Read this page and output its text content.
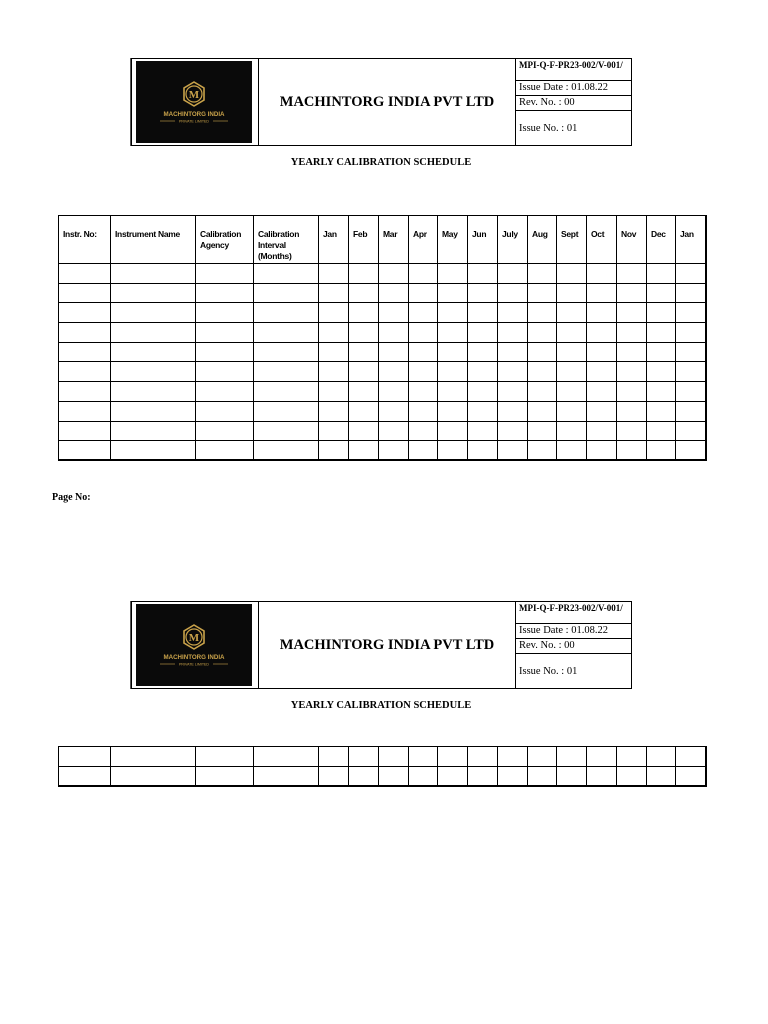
M
MACHINTORG INDIA
PRIVATE LIMITED
MACHINTORG INDIA PVT LTD
MPI-Q-F-PR23-002/V-001/
Issue Date : 01.08.22
Rev. No. : 00
Issue No. : 01
YEARLY CALIBRATION SCHEDULE
Instr. No:	Instrument Name	Calibration Agency	Calibration Interval (Months)	Jan	Feb	Mar	Apr	May	Jun	July	Aug	Sept	Oct	Nov	Dec	Jan

Page No:
M
MACHINTORG INDIA
PRIVATE LIMITED
MACHINTORG INDIA PVT LTD
MPI-Q-F-PR23-002/V-001/
Issue Date : 01.08.22
Rev. No. : 00
Issue No. : 01
YEARLY CALIBRATION SCHEDULE
